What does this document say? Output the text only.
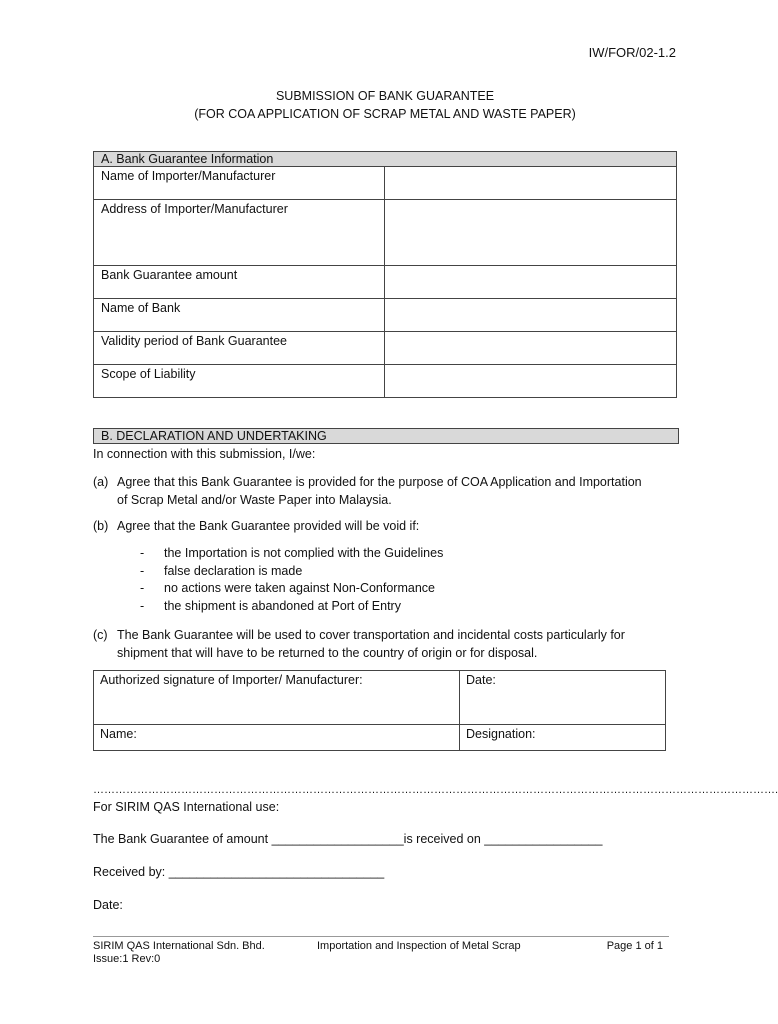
IW/FOR/02-1.2
SUBMISSION OF BANK GUARANTEE
(FOR COA APPLICATION OF SCRAP METAL AND WASTE PAPER)
A. Bank Guarantee Information	
Name of Importer/Manufacturer	
Address of Importer/Manufacturer	
Bank Guarantee amount	
Name of Bank	
Validity period of Bank Guarantee	
Scope of Liability	
B. DECLARATION AND UNDERTAKING
In connection with this submission, I/we:
(a) Agree that this Bank Guarantee is provided for the purpose of COA Application and Importation
of Scrap Metal and/or Waste Paper into Malaysia.
(b) Agree that the Bank Guarantee provided will be void if:
- the Importation is not complied with the Guidelines
- false declaration is made
- no actions were taken against Non-Conformance
- the shipment is abandoned at Port of Entry
(c) The Bank Guarantee will be used to cover transportation and incidental costs particularly for
shipment that will have to be returned to the country of origin or for disposal.
Authorized signature of Importer/ Manufacturer:	Date:
Name:	Designation:
…………………………………………………………………………………………………………………………………………………………………….
For SIRIM QAS International use:
The Bank Guarantee of amount ___________________is received on _________________
Received by: _______________________________
Date:
SIRIM QAS International Sdn. Bhd.
Issue:1 Rev:0
Importation and Inspection of Metal Scrap	Page 1 of 1
